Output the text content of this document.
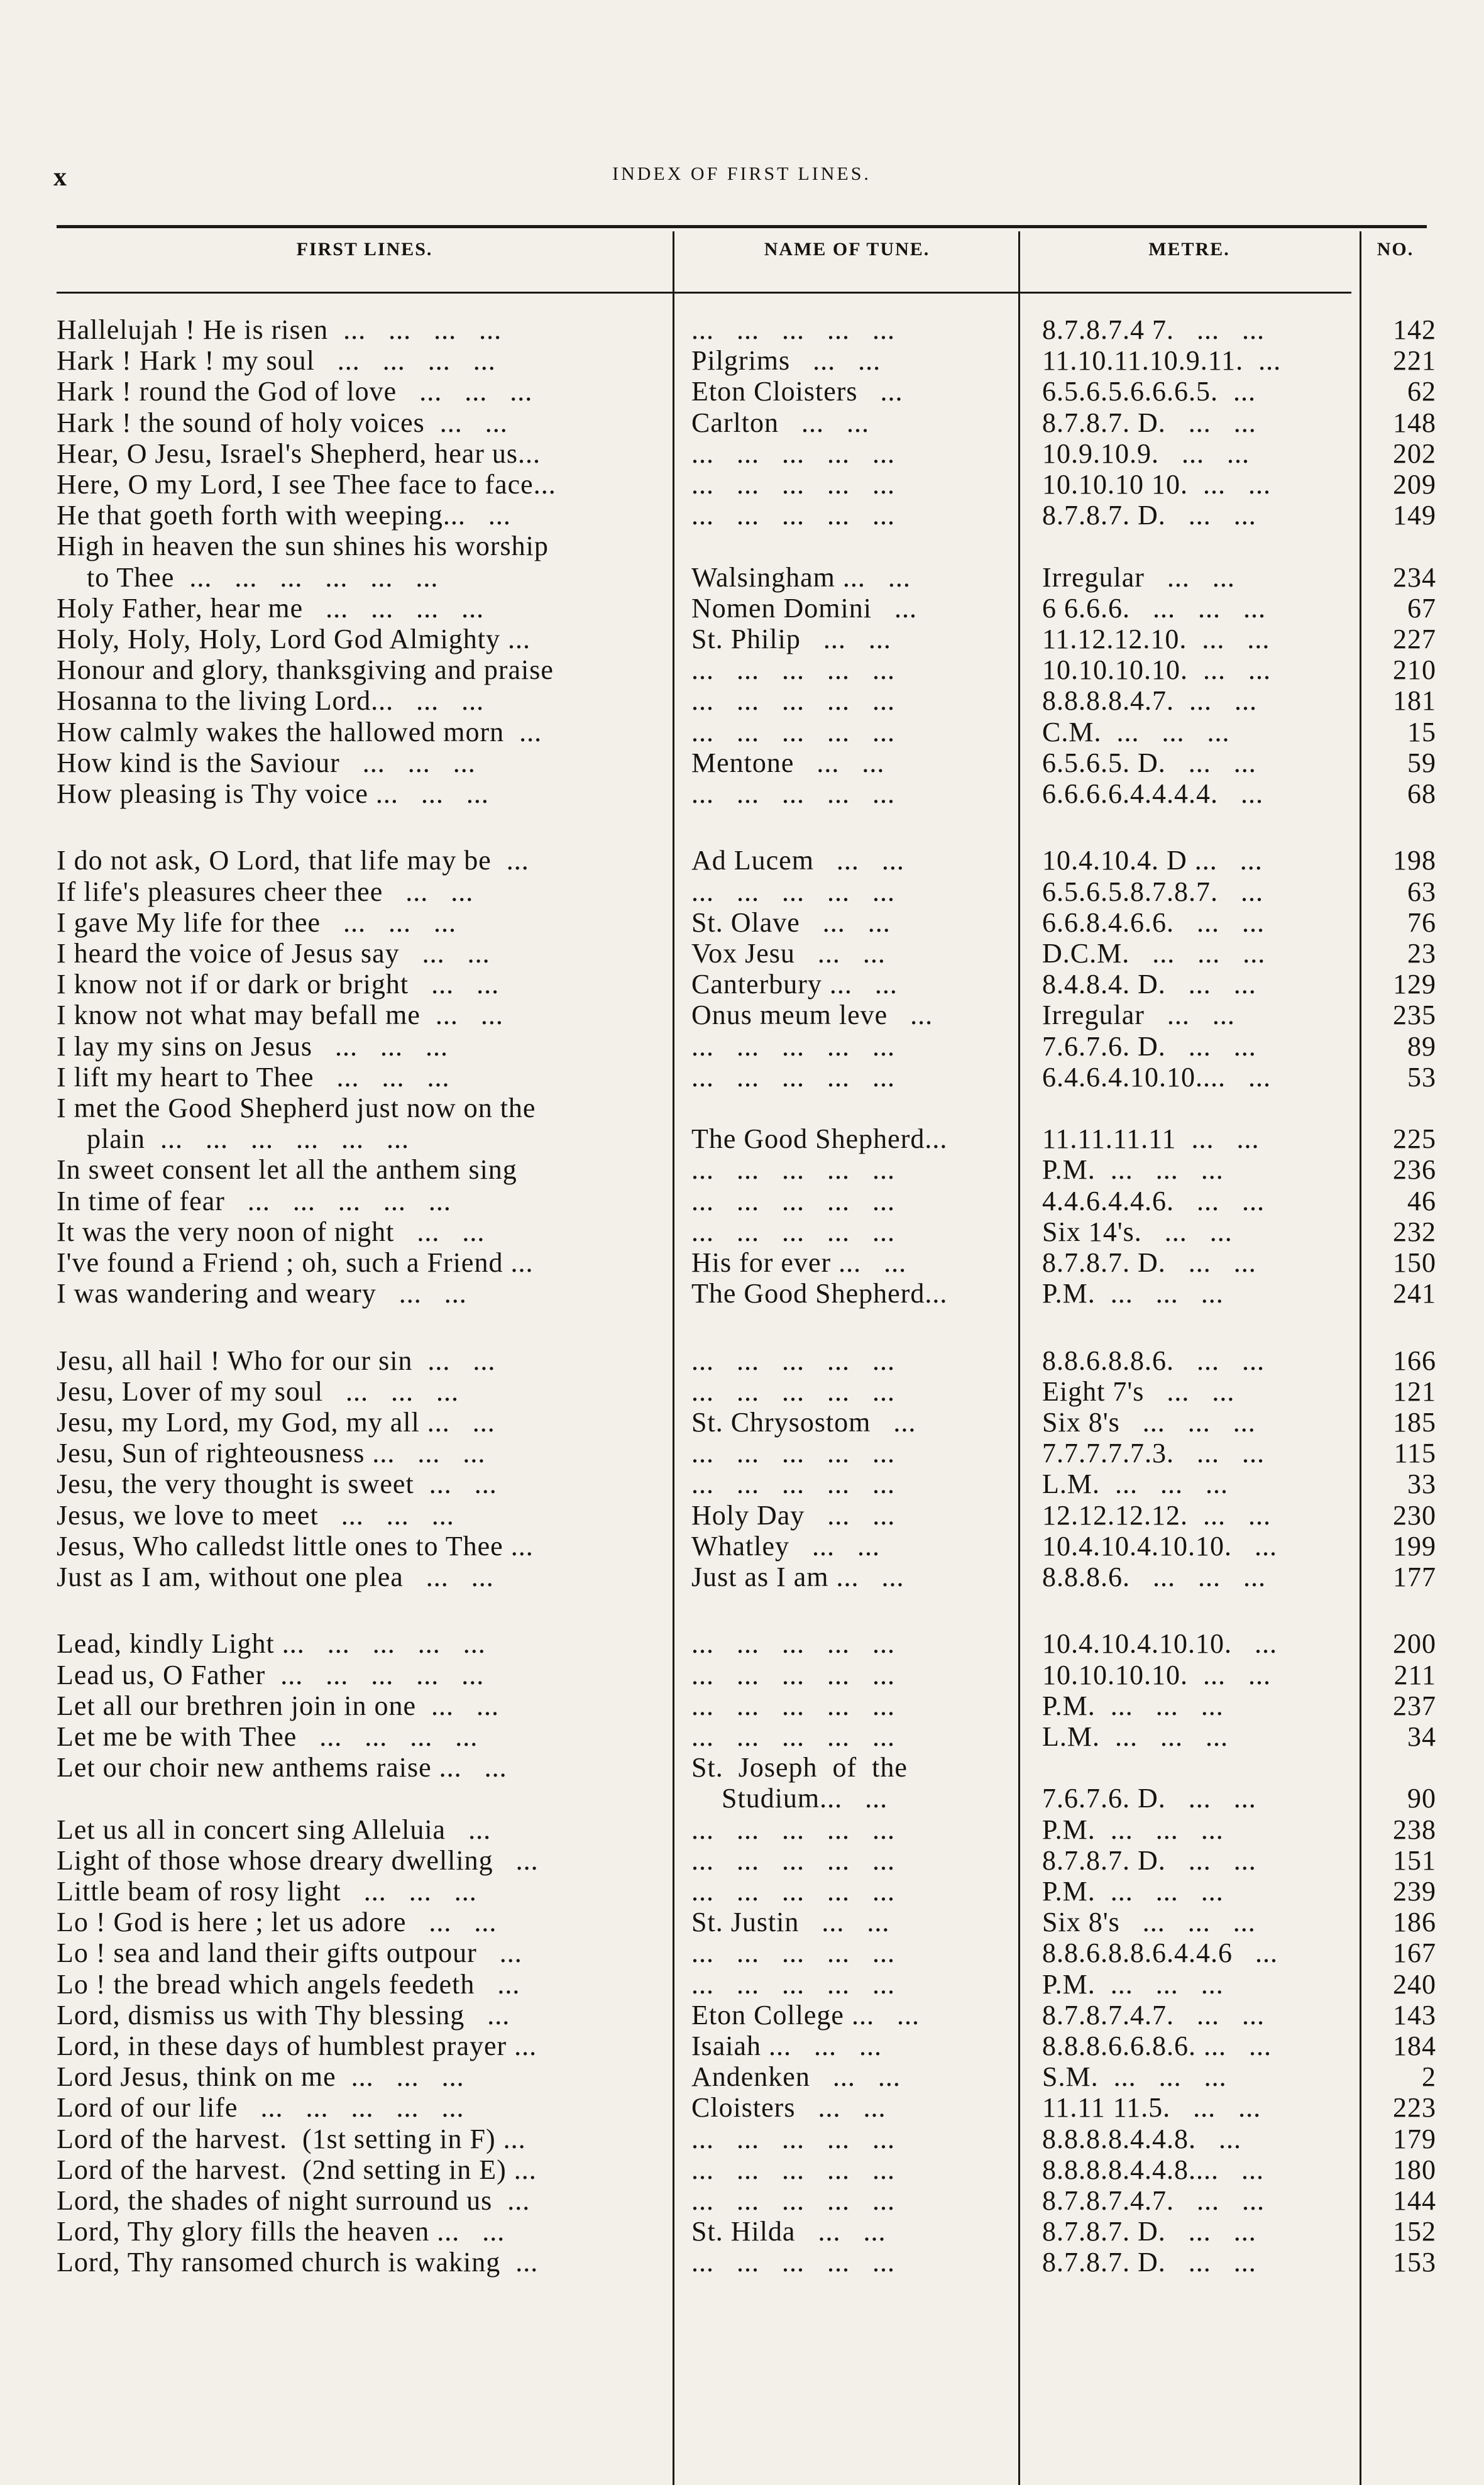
x	INDEX OF FIRST LINES.
FIRST LINES.	NAME OF TUNE.	METRE.	NO.
Hallelujah ! He is risen  ...   ...   ...   ...	...   ...   ...   ...   ...	8.7.8.7.4 7.   ...   ...	142
Hark ! Hark ! my soul   ...   ...   ...   ...	Pilgrims   ...   ...	11.10.11.10.9.11.  ...	221
Hark ! round the God of love   ...   ...   ...	Eton Cloisters   ...	6.5.6.5.6.6.6.5.  ...	62
Hark ! the sound of holy voices  ...   ...	Carlton   ...   ...	8.7.8.7. D.   ...   ...	148
Hear, O Jesu, Israel's Shepherd, hear us...	...   ...   ...   ...   ...	10.9.10.9.   ...   ...	202
Here, O my Lord, I see Thee face to face...	...   ...   ...   ...   ...	10.10.10 10.  ...   ...	209
He that goeth forth with weeping...   ...	...   ...   ...   ...   ...	8.7.8.7. D.   ...   ...	149
High in heaven the sun shines his worship
to Thee  ...   ...   ...   ...   ...   ...	Walsingham ...   ...	Irregular   ...   ...	234
Holy Father, hear me   ...   ...   ...   ...	Nomen Domini   ...	6 6.6.6.   ...   ...   ...	67
Holy, Holy, Holy, Lord God Almighty ...	St. Philip   ...   ...	11.12.12.10.  ...   ...	227
Honour and glory, thanksgiving and praise	...   ...   ...   ...   ...	10.10.10.10.  ...   ...	210
Hosanna to the living Lord...   ...   ...	...   ...   ...   ...   ...	8.8.8.8.4.7.  ...   ...	181
How calmly wakes the hallowed morn  ...	...   ...   ...   ...   ...	C.M.  ...   ...   ...	15
How kind is the Saviour   ...   ...   ...	Mentone   ...   ...	6.5.6.5. D.   ...   ...	59
How pleasing is Thy voice ...   ...   ...	...   ...   ...   ...   ...	6.6.6.6.4.4.4.4.   ...	68
I do not ask, O Lord, that life may be  ...	Ad Lucem   ...   ...	10.4.10.4. D ...   ...	198
If life's pleasures cheer thee   ...   ...	...   ...   ...   ...   ...	6.5.6.5.8.7.8.7.   ...	63
I gave My life for thee   ...   ...   ...	St. Olave   ...   ...	6.6.8.4.6.6.   ...   ...	76
I heard the voice of Jesus say   ...   ...	Vox Jesu   ...   ...	D.C.M.   ...   ...   ...	23
I know not if or dark or bright   ...   ...	Canterbury ...   ...	8.4.8.4. D.   ...   ...	129
I know not what may befall me  ...   ...	Onus meum leve   ...	Irregular   ...   ...	235
I lay my sins on Jesus   ...   ...   ...	...   ...   ...   ...   ...	7.6.7.6. D.   ...   ...	89
I lift my heart to Thee   ...   ...   ...	...   ...   ...   ...   ...	6.4.6.4.10.10....   ...	53
I met the Good Shepherd just now on the
plain  ...   ...   ...   ...   ...   ...	The Good Shepherd...	11.11.11.11  ...   ...	225
In sweet consent let all the anthem sing	...   ...   ...   ...   ...	P.M.  ...   ...   ...	236
In time of fear   ...   ...   ...   ...   ...	...   ...   ...   ...   ...	4.4.6.4.4.6.   ...   ...	46
It was the very noon of night   ...   ...	...   ...   ...   ...   ...	Six 14's.   ...   ...	232
I've found a Friend ; oh, such a Friend ...	His for ever ...   ...	8.7.8.7. D.   ...   ...	150
I was wandering and weary   ...   ...	The Good Shepherd...	P.M.  ...   ...   ...	241
Jesu, all hail ! Who for our sin  ...   ...	...   ...   ...   ...   ...	8.8.6.8.8.6.   ...   ...	166
Jesu, Lover of my soul   ...   ...   ...	...   ...   ...   ...   ...	Eight 7's   ...   ...	121
Jesu, my Lord, my God, my all ...   ...	St. Chrysostom   ...	Six 8's   ...   ...   ...	185
Jesu, Sun of righteousness ...   ...   ...	...   ...   ...   ...   ...	7.7.7.7.7.3.   ...   ...	115
Jesu, the very thought is sweet  ...   ...	...   ...   ...   ...   ...	L.M.  ...   ...   ...	33
Jesus, we love to meet   ...   ...   ...	Holy Day   ...   ...	12.12.12.12.  ...   ...	230
Jesus, Who calledst little ones to Thee ...	Whatley   ...   ...	10.4.10.4.10.10.   ...	199
Just as I am, without one plea   ...   ...	Just as I am ...   ...	8.8.8.6.   ...   ...   ...	177
Lead, kindly Light ...   ...   ...   ...   ...	...   ...   ...   ...   ...	10.4.10.4.10.10.   ...	200
Lead us, O Father  ...   ...   ...   ...   ...	...   ...   ...   ...   ...	10.10.10.10.  ...   ...	211
Let all our brethren join in one  ...   ...	...   ...   ...   ...   ...	P.M.  ...   ...   ...	237
Let me be with Thee   ...   ...   ...   ...	...   ...   ...   ...   ...	L.M.  ...   ...   ...	34
Let our choir new anthems raise ...   ...	St.  Joseph  of  the
Studium...   ...	7.6.7.6. D.   ...   ...	90
Let us all in concert sing Alleluia   ...	...   ...   ...   ...   ...	P.M.  ...   ...   ...	238
Light of those whose dreary dwelling   ...	...   ...   ...   ...   ...	8.7.8.7. D.   ...   ...	151
Little beam of rosy light   ...   ...   ...	...   ...   ...   ...   ...	P.M.  ...   ...   ...	239
Lo ! God is here ; let us adore   ...   ...	St. Justin   ...   ...	Six 8's   ...   ...   ...	186
Lo ! sea and land their gifts outpour   ...	...   ...   ...   ...   ...	8.8.6.8.8.6.4.4.6   ...	167
Lo ! the bread which angels feedeth   ...	...   ...   ...   ...   ...	P.M.  ...   ...   ...	240
Lord, dismiss us with Thy blessing   ...	Eton College ...   ...	8.7.8.7.4.7.   ...   ...	143
Lord, in these days of humblest prayer ...	Isaiah ...   ...   ...	8.8.8.6.6.8.6. ...   ...	184
Lord Jesus, think on me  ...   ...   ...	Andenken   ...   ...	S.M.  ...   ...   ...	2
Lord of our life   ...   ...   ...   ...   ...	Cloisters   ...   ...	11.11 11.5.   ...   ...	223
Lord of the harvest.  (1st setting in F) ...	...   ...   ...   ...   ...	8.8.8.8.4.4.8.   ...	179
Lord of the harvest.  (2nd setting in E) ...	...   ...   ...   ...   ...	8.8.8.8.4.4.8....   ...	180
Lord, the shades of night surround us  ...	...   ...   ...   ...   ...	8.7.8.7.4.7.   ...   ...	144
Lord, Thy glory fills the heaven ...   ...	St. Hilda   ...   ...	8.7.8.7. D.   ...   ...	152
Lord, Thy ransomed church is waking  ...	...   ...   ...   ...   ...	8.7.8.7. D.   ...   ...	153
